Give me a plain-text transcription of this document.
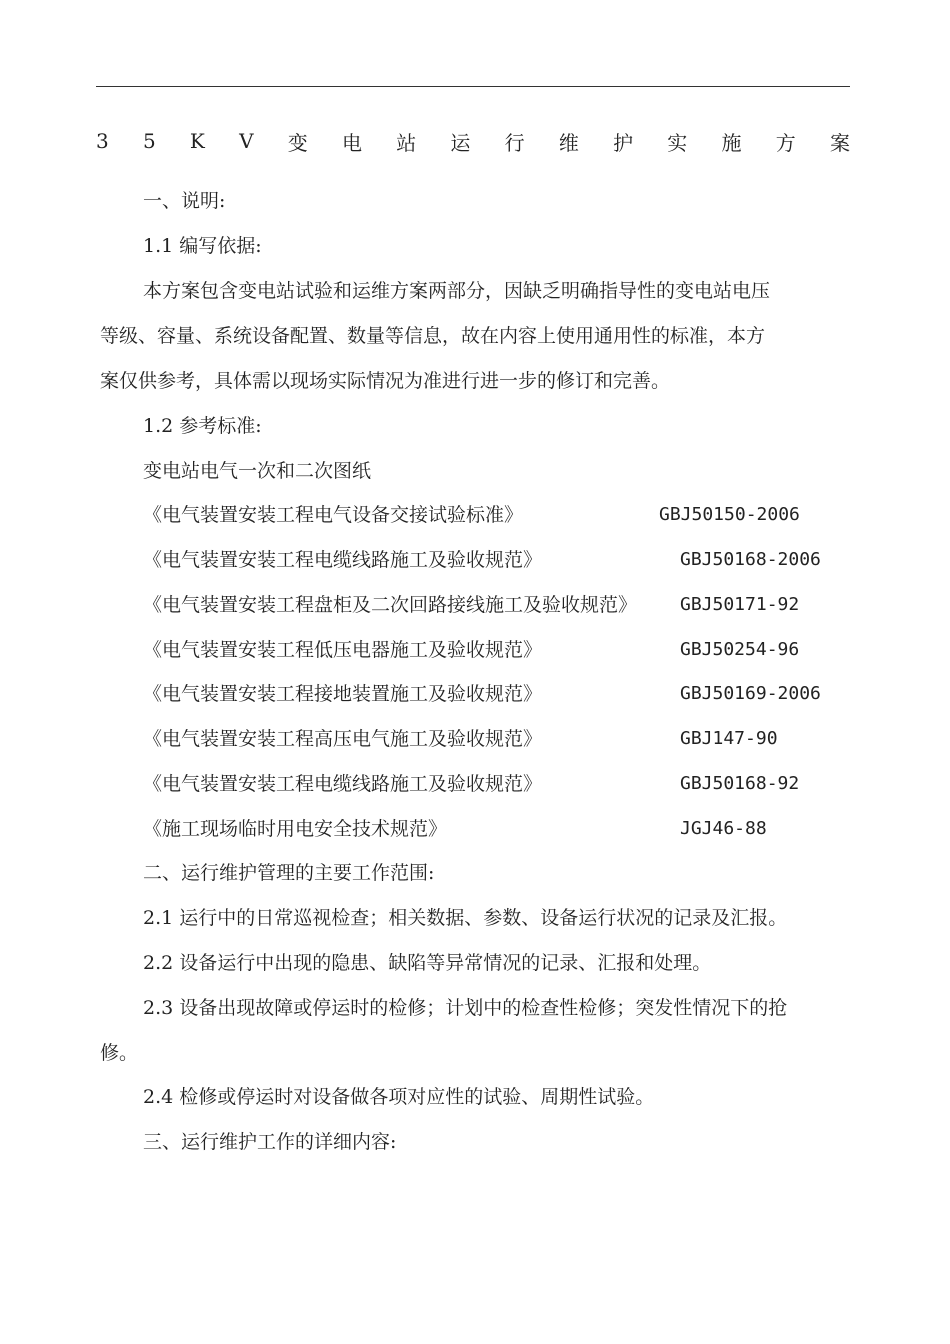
3 5 K V 变 电 站 运 行 维 护 实 施 方 案
一、说明:
1.1 编写依据:
本方案包含变电站试验和运维方案两部分，因缺乏明确指导性的变电站电压
等级、容量、系统设备配置、数量等信息，故在内容上使用通用性的标准，本方
案仅供参考，具体需以现场实际情况为准进行进一步的修订和完善。
1.2 参考标准:
变电站电气一次和二次图纸
《电气装置安装工程电气设备交接试验标准》	GBJ50150-2006
《电气装置安装工程电缆线路施工及验收规范》	GBJ50168-2006
《电气装置安装工程盘柜及二次回路接线施工及验收规范》 GBJ50171-92
《电气装置安装工程低压电器施工及验收规范》	GBJ50254-96
《电气装置安装工程接地装置施工及验收规范》	GBJ50169-2006
《电气装置安装工程高压电气施工及验收规范》	GBJ147-90
《电气装置安装工程电缆线路施工及验收规范》	GBJ50168-92
《施工现场临时用电安全技术规范》	JGJ46-88
二、运行维护管理的主要工作范围:
2.1 运行中的日常巡视检查；相关数据、参数、设备运行状况的记录及汇报。
2.2 设备运行中出现的隐患、缺陷等异常情况的记录、汇报和处理。
2.3 设备出现故障或停运时的检修；计划中的检查性检修；突发性情况下的抢
修。
2.4 检修或停运时对设备做各项对应性的试验、周期性试验。
三、运行维护工作的详细内容:
